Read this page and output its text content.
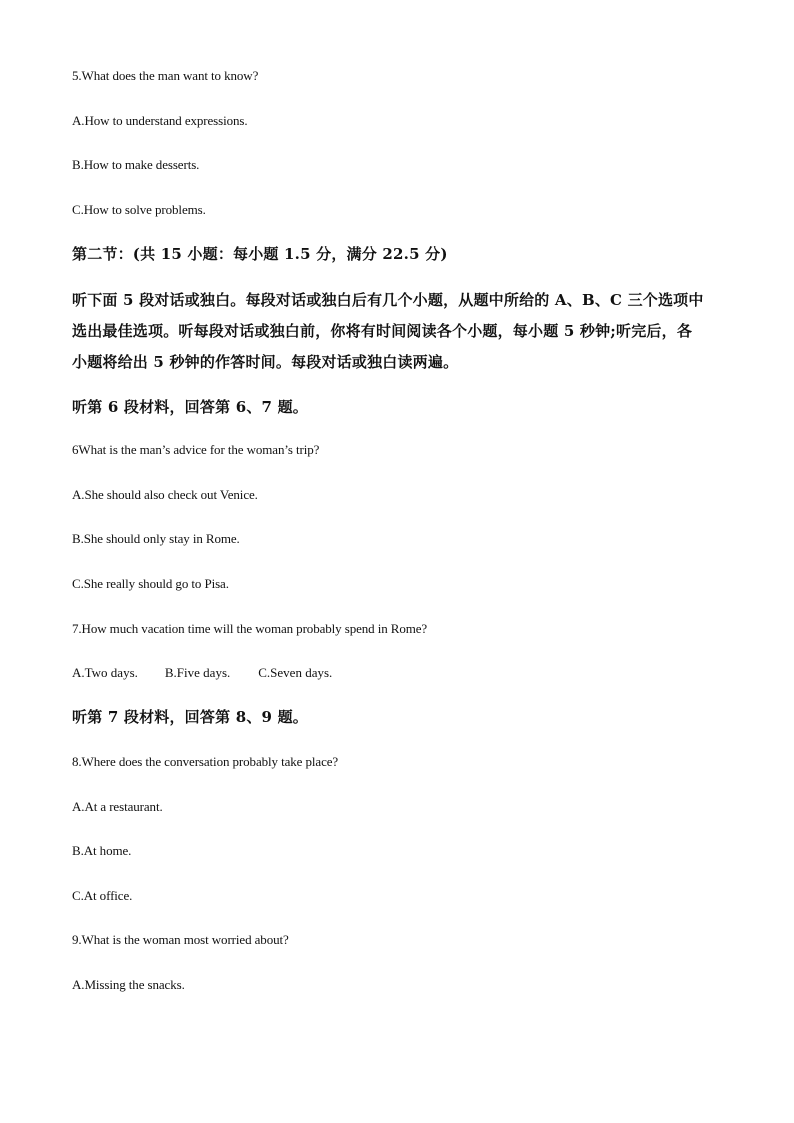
5.What does the man want to know?
A.How to understand expressions.
B.How to make desserts.
C.How to solve problems.
第二节：(共 15 小题：每小题 1.5 分，满分 22.5 分)
听下面 5 段对话或独白。每段对话或独白后有几个小题，从题中所给的 A、B、C 三个选项中
选出最佳选项。听每段对话或独白前，你将有时间阅读各个小题，每小题 5 秒钟;听完后，各
小题将给出 5 秒钟的作答时间。每段对话或独白读两遍。
听第 6 段材料，回答第 6、7 题。
6What is the man’s advice for the woman’s trip?
A.She should also check out Venice.
B.She should only stay in Rome.
C.She really should go to Pisa.
7.How much vacation time will the woman probably spend in Rome?
A.Two days. B.Five days. C.Seven days.
听第 7 段材料，回答第 8、9 题。
8.Where does the conversation probably take place?
A.At a restaurant.
B.At home.
C.At office.
9.What is the woman most worried about?
A.Missing the snacks.
